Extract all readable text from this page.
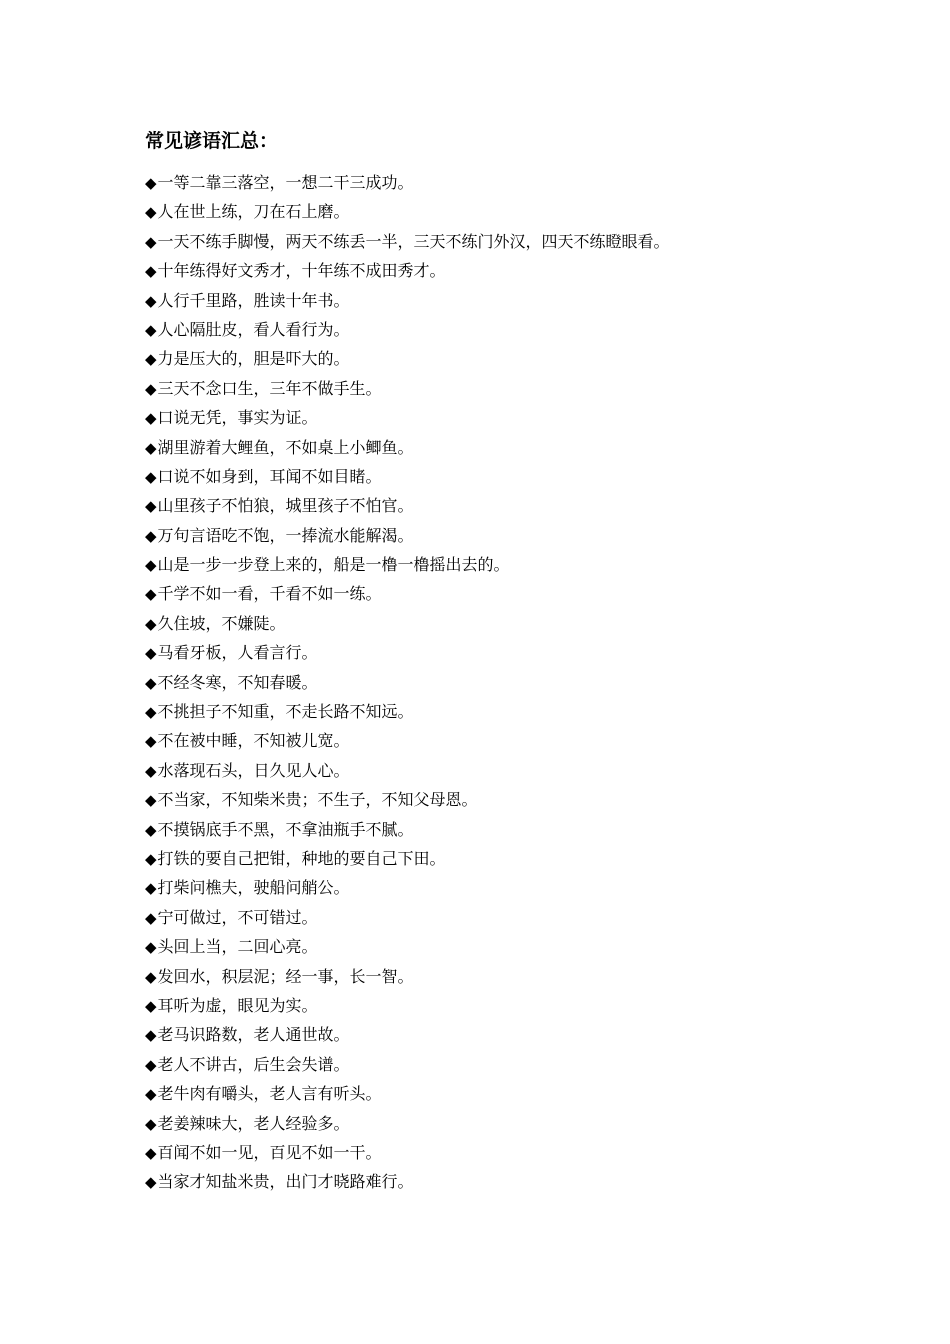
常见谚语汇总：
◆一等二靠三落空，一想二干三成功。
◆人在世上练，刀在石上磨。
◆一天不练手脚慢，两天不练丢一半，三天不练门外汉，四天不练瞪眼看。
◆十年练得好文秀才，十年练不成田秀才。
◆人行千里路，胜读十年书。
◆人心隔肚皮，看人看行为。
◆力是压大的，胆是吓大的。
◆三天不念口生，三年不做手生。
◆口说无凭，事实为证。
◆湖里游着大鲤鱼，不如桌上小鲫鱼。
◆口说不如身到，耳闻不如目睹。
◆山里孩子不怕狼，城里孩子不怕官。
◆万句言语吃不饱，一捧流水能解渴。
◆山是一步一步登上来的，船是一橹一橹摇出去的。
◆千学不如一看，千看不如一练。
◆久住坡，不嫌陡。
◆马看牙板，人看言行。
◆不经冬寒，不知春暖。
◆不挑担子不知重，不走长路不知远。
◆不在被中睡，不知被儿宽。
◆水落现石头，日久见人心。
◆不当家，不知柴米贵；不生子，不知父母恩。
◆不摸锅底手不黑，不拿油瓶手不腻。
◆打铁的要自己把钳，种地的要自己下田。
◆打柴问樵夫，驶船问艄公。
◆宁可做过，不可错过。
◆头回上当，二回心亮。
◆发回水，积层泥；经一事，长一智。
◆耳听为虚，眼见为实。
◆老马识路数，老人通世故。
◆老人不讲古，后生会失谱。
◆老牛肉有嚼头，老人言有听头。
◆老姜辣味大，老人经验多。
◆百闻不如一见，百见不如一干。
◆当家才知盐米贵，出门才晓路难行。
